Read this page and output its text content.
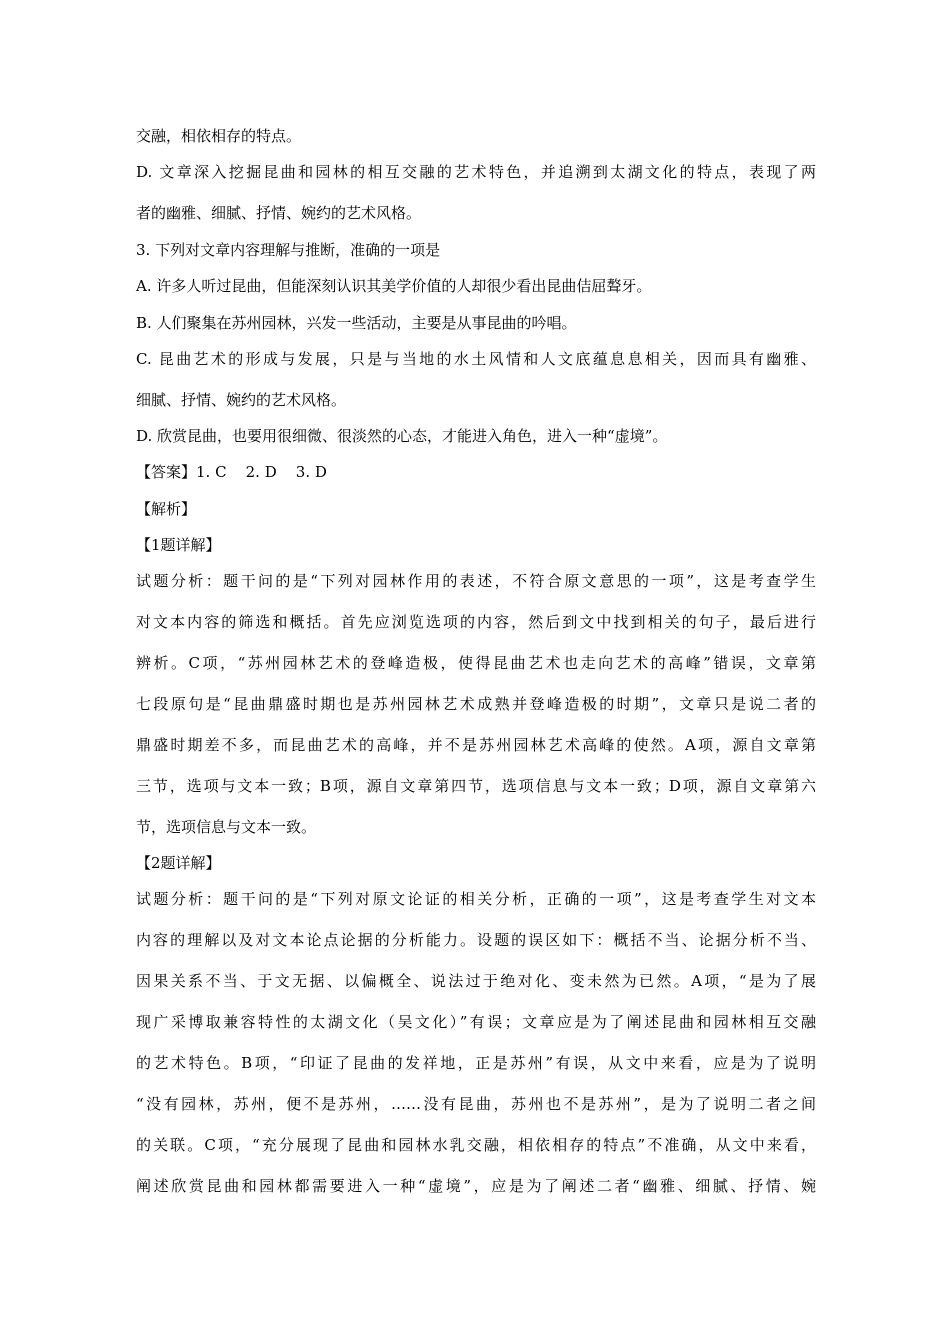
交融，相依相存的特点。
D. 文章深入挖掘昆曲和园林的相互交融的艺术特色，并追溯到太湖文化的特点，表现了两
者的幽雅、细腻、抒情、婉约的艺术风格。
3. 下列对文章内容理解与推断，准确的一项是
A. 许多人听过昆曲，但能深刻认识其美学价值的人却很少看出昆曲佶屈聱牙。
B. 人们聚集在苏州园林，兴发一些活动，主要是从事昆曲的吟唱。
C. 昆曲艺术的形成与发展，只是与当地的水土风情和人文底蕴息息相关，因而具有幽雅、
细腻、抒情、婉约的艺术风格。
D. 欣赏昆曲，也要用很细微、很淡然的心态，才能进入角色，进入一种“虚境”。
【答案】1. C    2. D    3. D
【解析】
【1题详解】
试题分析：题干问的是“下列对园林作用的表述，不符合原文意思的一项”，这是考查学生
对文本内容的筛选和概括。首先应浏览选项的内容，然后到文中找到相关的句子，最后进行
辨析。C项，“苏州园林艺术的登峰造极，使得昆曲艺术也走向艺术的高峰”错误，文章第
七段原句是“昆曲鼎盛时期也是苏州园林艺术成熟并登峰造极的时期”，文章只是说二者的
鼎盛时期差不多，而昆曲艺术的高峰，并不是苏州园林艺术高峰的使然。A项，源自文章第
三节，选项与文本一致；B项，源自文章第四节，选项信息与文本一致；D项，源自文章第六
节，选项信息与文本一致。
【2题详解】
试题分析：题干问的是“下列对原文论证的相关分析，正确的一项”，这是考查学生对文本
内容的理解以及对文本论点论据的分析能力。设题的误区如下：概括不当、论据分析不当、
因果关系不当、于文无据、以偏概全、说法过于绝对化、变未然为已然。A项，“是为了展
现广采博取兼容特性的太湖文化（吴文化）”有误；文章应是为了阐述昆曲和园林相互交融
的艺术特色。B项，“印证了昆曲的发祥地，正是苏州”有误，从文中来看，应是为了说明
“没有园林，苏州，便不是苏州，……没有昆曲，苏州也不是苏州”，是为了说明二者之间
的关联。C项，“充分展现了昆曲和园林水乳交融，相依相存的特点”不准确，从文中来看，
阐述欣赏昆曲和园林都需要进入一种“虚境”，应是为了阐述二者“幽雅、细腻、抒情、婉
